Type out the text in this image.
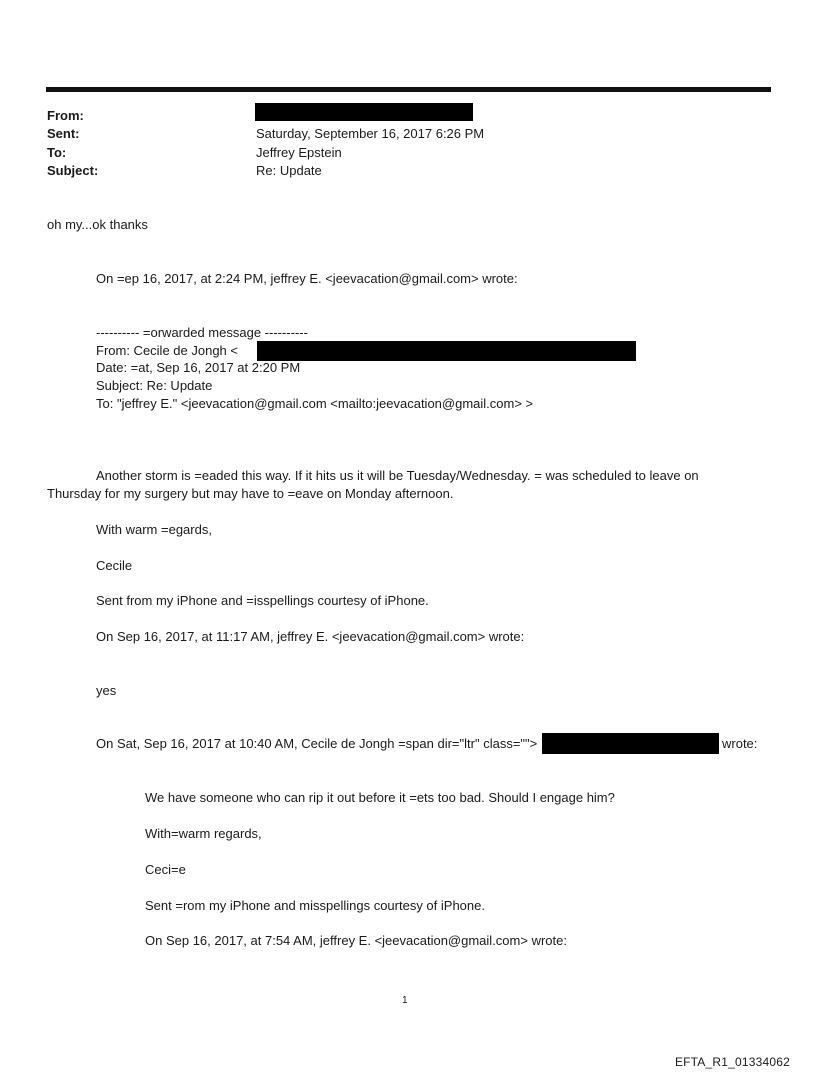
From:
Sent:	Saturday, September 16, 2017 6:26 PM
To:	Jeffrey Epstein
Subject:	Re: Update
oh my...ok thanks
On =ep 16, 2017, at 2:24 PM, jeffrey E. <jeevacation@gmail.com> wrote:
---------- =orwarded message ----------
From: Cecile de Jongh <
Date: =at, Sep 16, 2017 at 2:20 PM
Subject: Re: Update
To: "jeffrey E." <jeevacation@gmail.com <mailto:jeevacation@gmail.com> >
Another storm is =eaded this way. If it hits us it will be Tuesday/Wednesday. = was scheduled to leave on
Thursday for my surgery but may have to =eave on Monday afternoon.
With warm =egards,
Cecile
Sent from my iPhone and =isspellings courtesy of iPhone.
On Sep 16, 2017, at 11:17 AM, jeffrey E. <jeevacation@gmail.com> wrote:
yes
On Sat, Sep 16, 2017 at 10:40 AM, Cecile de Jongh =span dir="ltr" class="">	wrote:
We have someone who can rip it out before it =ets too bad. Should I engage him?
With=warm regards,
Ceci=e
Sent =rom my iPhone and misspellings courtesy of iPhone.
On Sep 16, 2017, at 7:54 AM, jeffrey E. <jeevacation@gmail.com> wrote:
1
EFTA_R1_01334062
